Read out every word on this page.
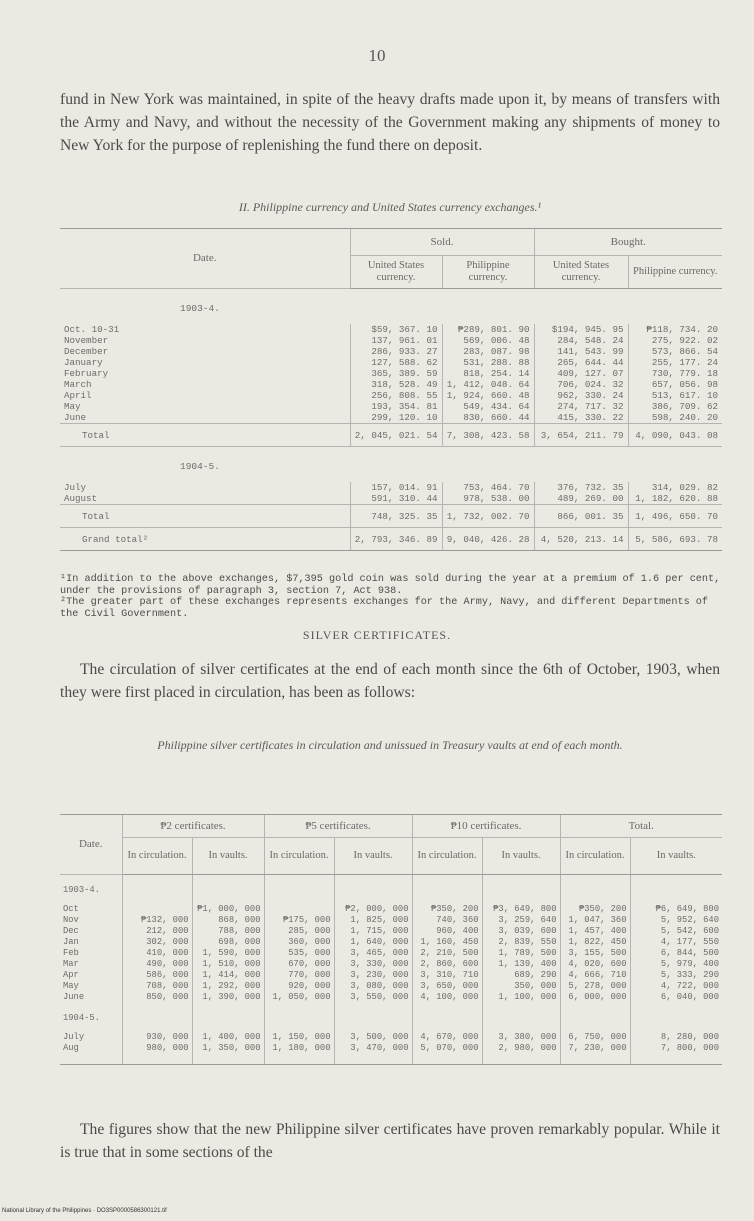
10

fund in New York was maintained, in spite of the heavy drafts made upon it, by means of transfers with the Army and Navy, and without the necessity of the Government making any shipments of money to New York for the purpose of replenishing the fund there on deposit.

II. Philippine currency and United States currency exchanges.¹
Date.	Sold.		Bought.	
	United States currency.	Philippine currency.	United States currency.	Philippine currency.
1903-4.				
Oct. 10-31	$59, 367. 10	₱289, 801. 90	$194, 945. 95	₱118, 734. 20
November	137, 961. 01	569, 006. 48	284, 548. 24	275, 922. 02
December	286, 933. 27	283, 087. 98	141, 543. 99	573, 866. 54
January	127, 588. 62	531, 288. 88	265, 644. 44	255, 177. 24
February	365, 389. 59	818, 254. 14	409, 127. 07	730, 779. 18
March	318, 528. 49	1, 412, 048. 64	706, 024. 32	657, 056. 98
April	256, 808. 55	1, 924, 660. 48	962, 330. 24	513, 617. 10
May	193, 354. 81	549, 434. 64	274, 717. 32	386, 709. 62
June	299, 120. 10	830, 660. 44	415, 330. 22	598, 240. 20
Total	2, 045, 021. 54	7, 308, 423. 58	3, 654, 211. 79	4, 090, 043. 08
1904-5.				
July	157, 014. 91	753, 464. 70	376, 732. 35	314, 029. 82
August	591, 310. 44	978, 538. 00	489, 269. 00	1, 182, 620. 88
Total	748, 325. 35	1, 732, 002. 70	866, 001. 35	1, 496, 650. 70
Grand total²	2, 793, 346. 89	9, 040, 426. 28	4, 520, 213. 14	5, 586, 693. 78
¹In addition to the above exchanges, $7,395 gold coin was sold during the year at a premium of 1.6 per cent, under the provisions of paragraph 3, section 7, Act 938.
²The greater part of these exchanges represents exchanges for the Army, Navy, and different Departments of the Civil Government.
SILVER CERTIFICATES.

The circulation of silver certificates at the end of each month since the 6th of October, 1903, when they were first placed in circulation, has been as follows:

Philippine silver certificates in circulation and unissued in Treasury vaults at end of each month.
Date.	₱2 certificates.		₱5 certificates.		₱10 certificates.		Total.	
	In circulation.	In vaults.	In circulation.	In vaults.	In circulation.	In vaults.	In circulation.	In vaults.
1903-4.								
Oct		₱1, 000, 000		₱2, 000, 000	₱350, 200	₱3, 649, 800	₱350, 200	₱6, 649, 800
Nov	₱132, 000	868, 000	₱175, 000	1, 825, 000	740, 360	3, 259, 640	1, 047, 360	5, 952, 640
Dec	212, 000	788, 000	285, 000	1, 715, 000	960, 400	3, 039, 600	1, 457, 400	5, 542, 600
Jan	302, 000	698, 000	360, 000	1, 640, 000	1, 160, 450	2, 839, 550	1, 822, 450	4, 177, 550
Feb	410, 000	1, 590, 000	535, 000	3, 465, 000	2, 210, 500	1, 789, 500	3, 155, 500	6, 844, 500
Mar	490, 000	1, 510, 000	670, 000	3, 330, 000	2, 860, 600	1, 139, 400	4, 020, 600	5, 979, 400
Apr	586, 000	1, 414, 000	770, 000	3, 230, 000	3, 310, 710	689, 290	4, 666, 710	5, 333, 290
May	708, 000	1, 292, 000	920, 000	3, 080, 000	3, 650, 000	350, 000	5, 278, 000	4, 722, 000
June	850, 000	1, 390, 000	1, 050, 000	3, 550, 000	4, 100, 000	1, 100, 000	6, 000, 000	6, 040, 000
1904-5.								
July	930, 000	1, 400, 000	1, 150, 000	3, 500, 000	4, 670, 000	3, 380, 000	6, 750, 000	8, 280, 000
Aug	980, 000	1, 350, 000	1, 180, 000	3, 470, 000	5, 070, 000	2, 980, 000	7, 230, 000	7, 800, 000

The figures show that the new Philippine silver certificates have proven remarkably popular. While it is true that in some sections of the

National Library of the Philippines · DO3SP0000586300121.tif
